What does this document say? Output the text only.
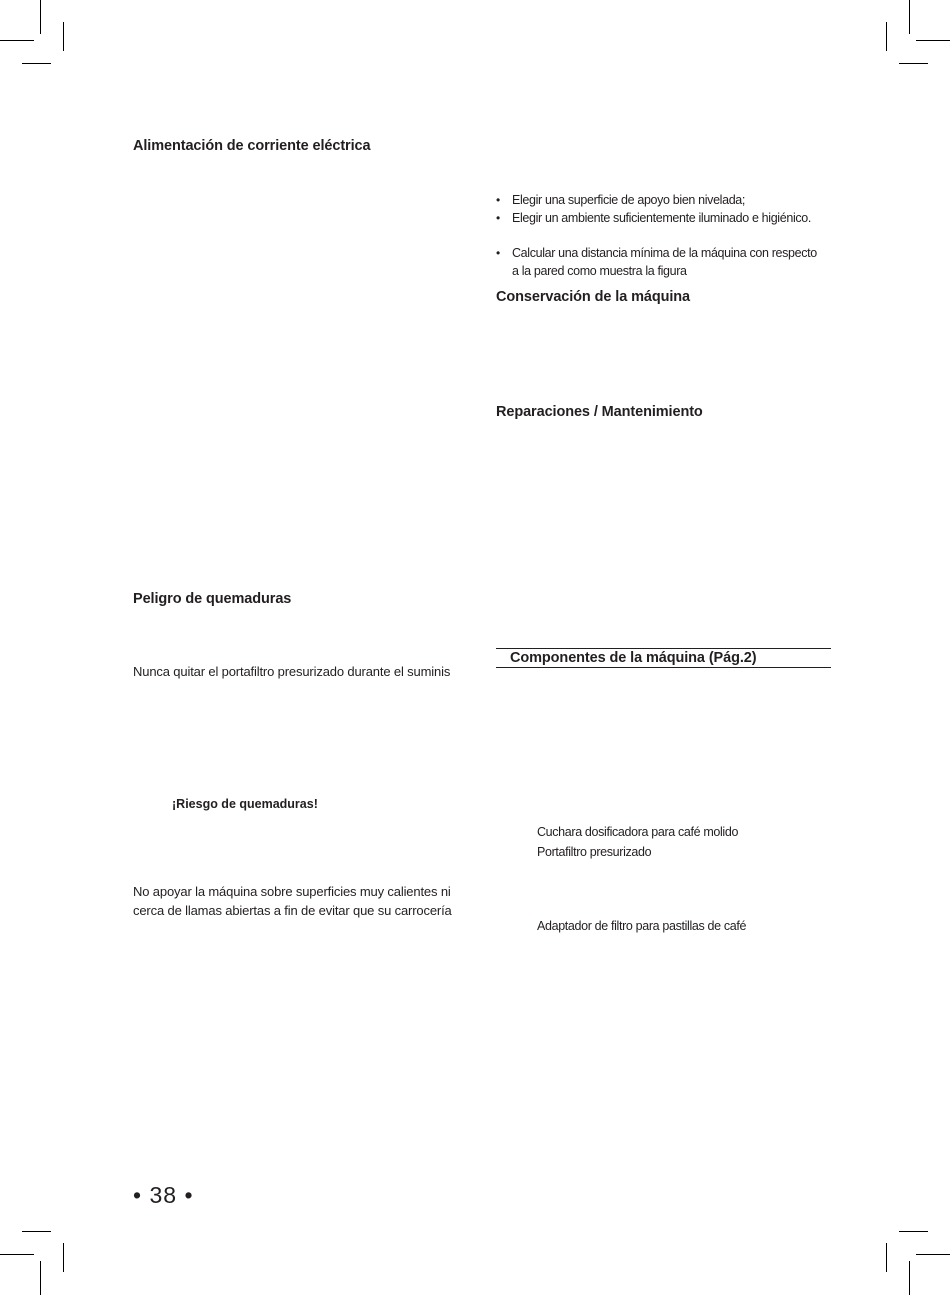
Alimentación de corriente eléctrica
Peligro de quemaduras
Nunca quitar el portafiltro presurizado durante el suminis
¡Riesgo de quemaduras!
No apoyar la máquina sobre superficies muy calientes ni
cerca de llamas abiertas a fin de evitar que su carrocería
• Elegir una superficie de apoyo bien nivelada;
• Elegir un ambiente suficientemente iluminado e higiénico.
• Calcular una distancia mínima de la máquina con respecto
a la pared como muestra la figura
Conservación de la máquina
Reparaciones / Mantenimiento
Componentes de la máquina (Pág.2)
Cuchara dosificadora para café molido
Portafiltro presurizado
Adaptador de filtro para pastillas de café
• 38 •
